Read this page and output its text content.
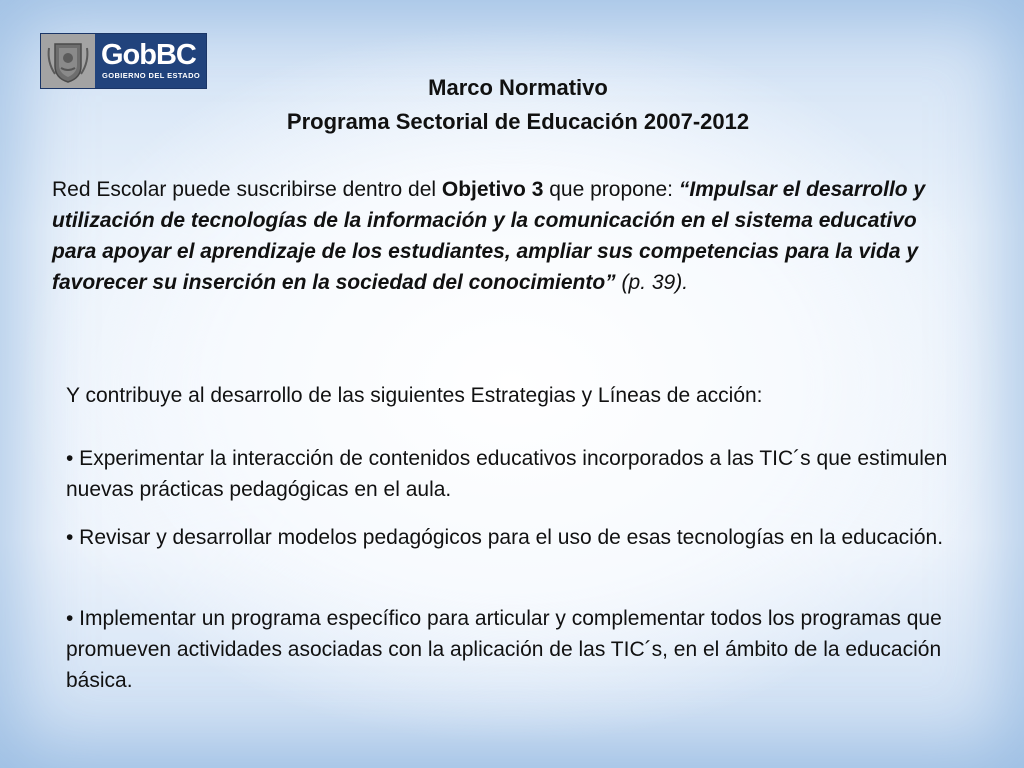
GobBC
GOBIERNO DEL ESTADO	Marco Normativo
Programa Sectorial de Educación 2007-2012
Red Escolar puede suscribirse dentro del Objetivo 3 que propone: “Impulsar el desarrollo y utilización de tecnologías de la información y la comunicación en el sistema educativo para apoyar el aprendizaje de los estudiantes, ampliar sus competencias para la vida y favorecer su inserción en la sociedad del conocimiento” (p. 39).
Y contribuye al desarrollo de las siguientes Estrategias y Líneas de acción:
• Experimentar la interacción de contenidos educativos incorporados a las TIC´s que estimulen nuevas prácticas pedagógicas en el aula.
• Revisar y desarrollar modelos pedagógicos para el uso de esas tecnologías en la educación.
• Implementar un programa específico para articular y complementar todos los programas que promueven actividades asociadas con la aplicación de las TIC´s, en el ámbito de la educación básica.
